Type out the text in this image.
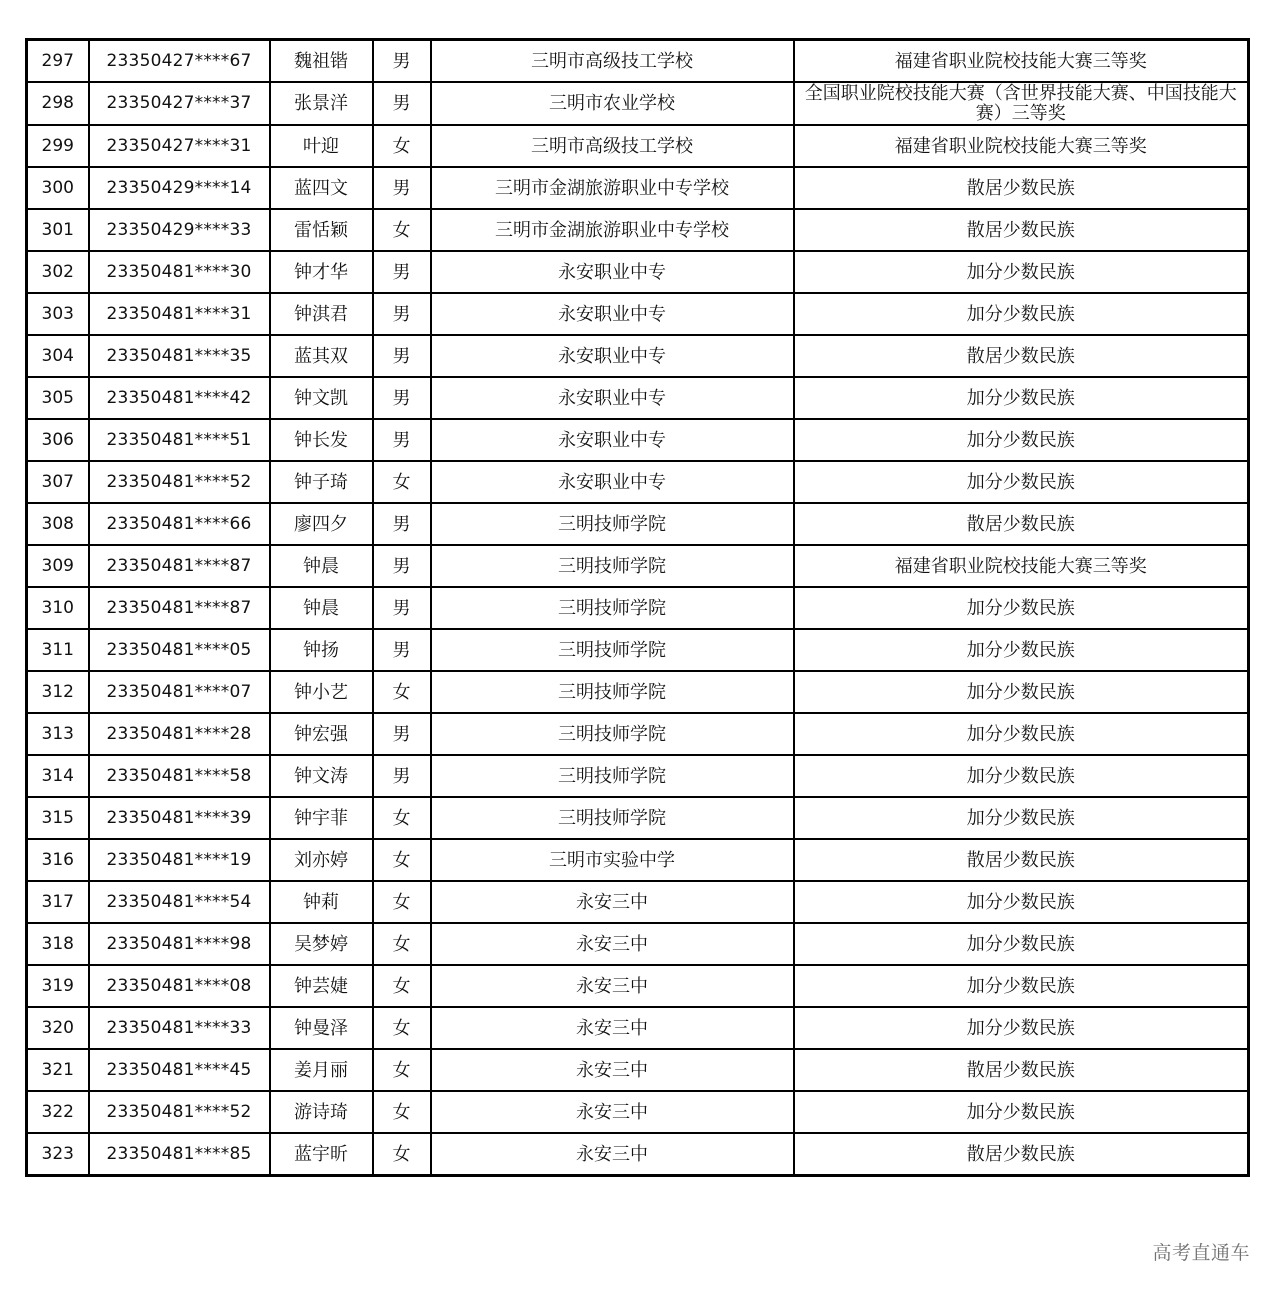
297	23350427****67	魏祖锴	男	三明市高级技工学校	福建省职业院校技能大赛三等奖
298	23350427****37	张景洋	男	三明市农业学校	全国职业院校技能大赛（含世界技能大赛、中国技能大赛）三等奖
299	23350427****31	叶迎	女	三明市高级技工学校	福建省职业院校技能大赛三等奖
300	23350429****14	蓝四文	男	三明市金湖旅游职业中专学校	散居少数民族
301	23350429****33	雷恬颖	女	三明市金湖旅游职业中专学校	散居少数民族
302	23350481****30	钟才华	男	永安职业中专	加分少数民族
303	23350481****31	钟淇君	男	永安职业中专	加分少数民族
304	23350481****35	蓝其双	男	永安职业中专	散居少数民族
305	23350481****42	钟文凯	男	永安职业中专	加分少数民族
306	23350481****51	钟长发	男	永安职业中专	加分少数民族
307	23350481****52	钟子琦	女	永安职业中专	加分少数民族
308	23350481****66	廖四夕	男	三明技师学院	散居少数民族
309	23350481****87	钟晨	男	三明技师学院	福建省职业院校技能大赛三等奖
310	23350481****87	钟晨	男	三明技师学院	加分少数民族
311	23350481****05	钟扬	男	三明技师学院	加分少数民族
312	23350481****07	钟小艺	女	三明技师学院	加分少数民族
313	23350481****28	钟宏强	男	三明技师学院	加分少数民族
314	23350481****58	钟文涛	男	三明技师学院	加分少数民族
315	23350481****39	钟宇菲	女	三明技师学院	加分少数民族
316	23350481****19	刘亦婷	女	三明市实验中学	散居少数民族
317	23350481****54	钟莉	女	永安三中	加分少数民族
318	23350481****98	吴梦婷	女	永安三中	加分少数民族
319	23350481****08	钟芸婕	女	永安三中	加分少数民族
320	23350481****33	钟曼泽	女	永安三中	加分少数民族
321	23350481****45	姜月丽	女	永安三中	散居少数民族
322	23350481****52	游诗琦	女	永安三中	加分少数民族
323	23350481****85	蓝宇昕	女	永安三中	散居少数民族
高考直通车
